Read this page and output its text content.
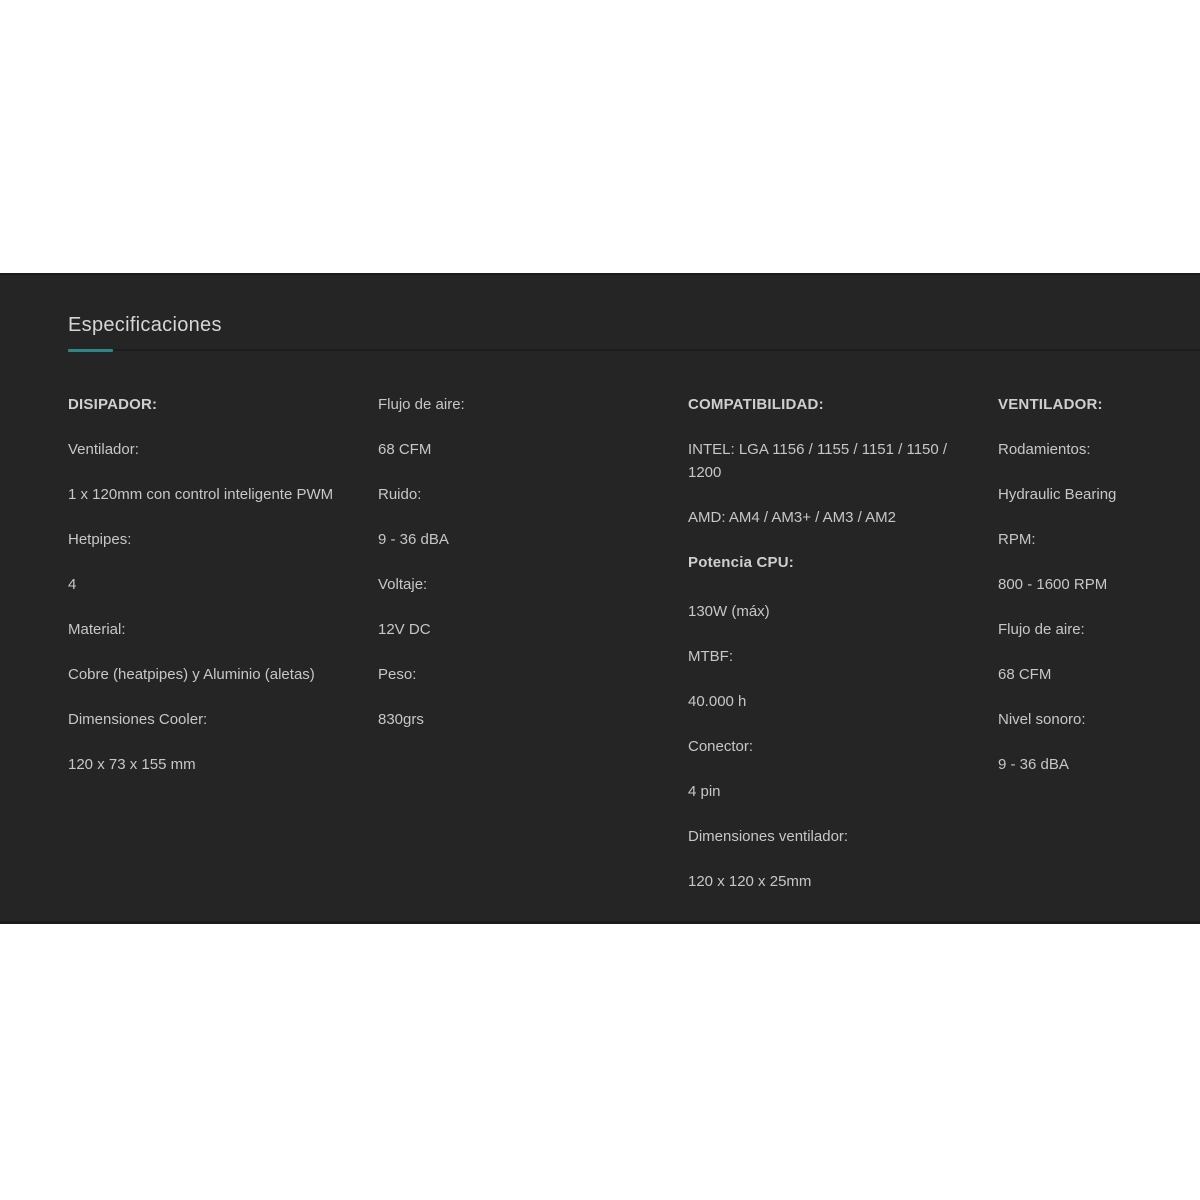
Especificaciones
DISIPADOR:
Ventilador:
1 x 120mm con control inteligente PWM
Hetpipes:
4
Material:
Cobre (heatpipes) y Aluminio (aletas)
Dimensiones Cooler:
120 x 73 x 155 mm
Flujo de aire:
68 CFM
Ruido:
9 - 36 dBA
Voltaje:
12V DC
Peso:
830grs
COMPATIBILIDAD:
INTEL: LGA 1156 / 1155 / 1151 / 1150 / 1200
AMD: AM4 / AM3+ / AM3 / AM2
Potencia CPU:
130W (máx)
MTBF:
40.000 h
Conector:
4 pin
Dimensiones ventilador:
120 x 120 x 25mm
VENTILADOR:
Rodamientos:
Hydraulic Bearing
RPM:
800 - 1600 RPM
Flujo de aire:
68 CFM
Nivel sonoro:
9 - 36 dBA
